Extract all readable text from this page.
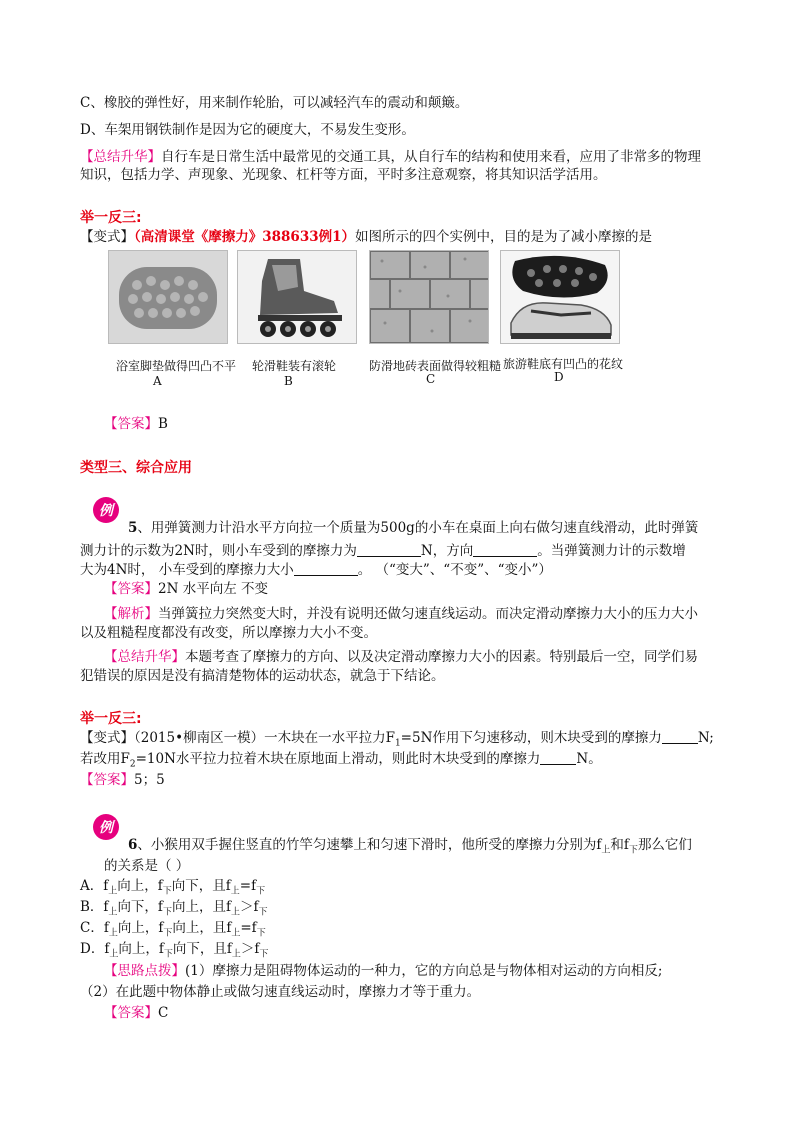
C、橡胶的弹性好，用来制作轮胎，可以减轻汽车的震动和颠簸。
D、车架用钢铁制作是因为它的硬度大，不易发生变形。
【总结升华】自行车是日常生活中最常见的交通工具，从自行车的结构和使用来看，应用了非常多的物理
知识，包括力学、声现象、光现象、杠杆等方面，平时多注意观察，将其知识活学活用。
举一反三:
【变式】（高清课堂《摩擦力》388633例1）如图所示的四个实例中，目的是为了减小摩擦的是
浴室脚垫做得凹凸不平
A
轮滑鞋装有滚轮
B
防滑地砖表面做得较粗糙
C
旅游鞋底有凹凸的花纹
D
【答案】B
类型三、综合应用
例
5、用弹簧测力计沿水平方向拉一个质量为500g的小车在桌面上向右做匀速直线滑动，此时弹簧
测力计的示数为2N时，则小车受到的摩擦力为	N，方向	。当弹簧测力计的示数增
大为4N时， 小车受到的摩擦力大小	。 （“变大”、“不变”、“变小”）
【答案】2N 水平向左 不变
【解析】当弹簧拉力突然变大时，并没有说明还做匀速直线运动。而决定滑动摩擦力大小的压力大小
以及粗糙程度都没有改变，所以摩擦力大小不变。
【总结升华】本题考查了摩擦力的方向、以及决定滑动摩擦力大小的因素。特别最后一空，同学们易
犯错误的原因是没有搞清楚物体的运动状态，就急于下结论。
举一反三:
【变式】（2015•柳南区一模）一木块在一水平拉力$F_1=5N$作用下匀速移动，则木块受到的摩擦力	N;
若改用$F_2=10N$水平拉力拉着木块在原地面上滑动，则此时木块受到的摩擦力	N。
【答案】5；5
例
6、小猴用双手握住竖直的竹竿匀速攀上和匀速下滑时，他所受的摩擦力分别为$f_上$和$f_下$那么它们
的关系是（ ）
A．$f_上$向上，$f_下$向下，且$f_上=f_下$
B．$f_上$向下，$f_下$向上，且$f_上>f_下$
C．$f_上$向上，$f_下$向上，且$f_上=f_下$
D．$f_上$向上，$f_下$向下，且$f_上>f_下$
【思路点拨】(1）摩擦力是阻碍物体运动的一种力，它的方向总是与物体相对运动的方向相反;
（2）在此题中物体静止或做匀速直线运动时，摩擦力才等于重力。
【答案】C
